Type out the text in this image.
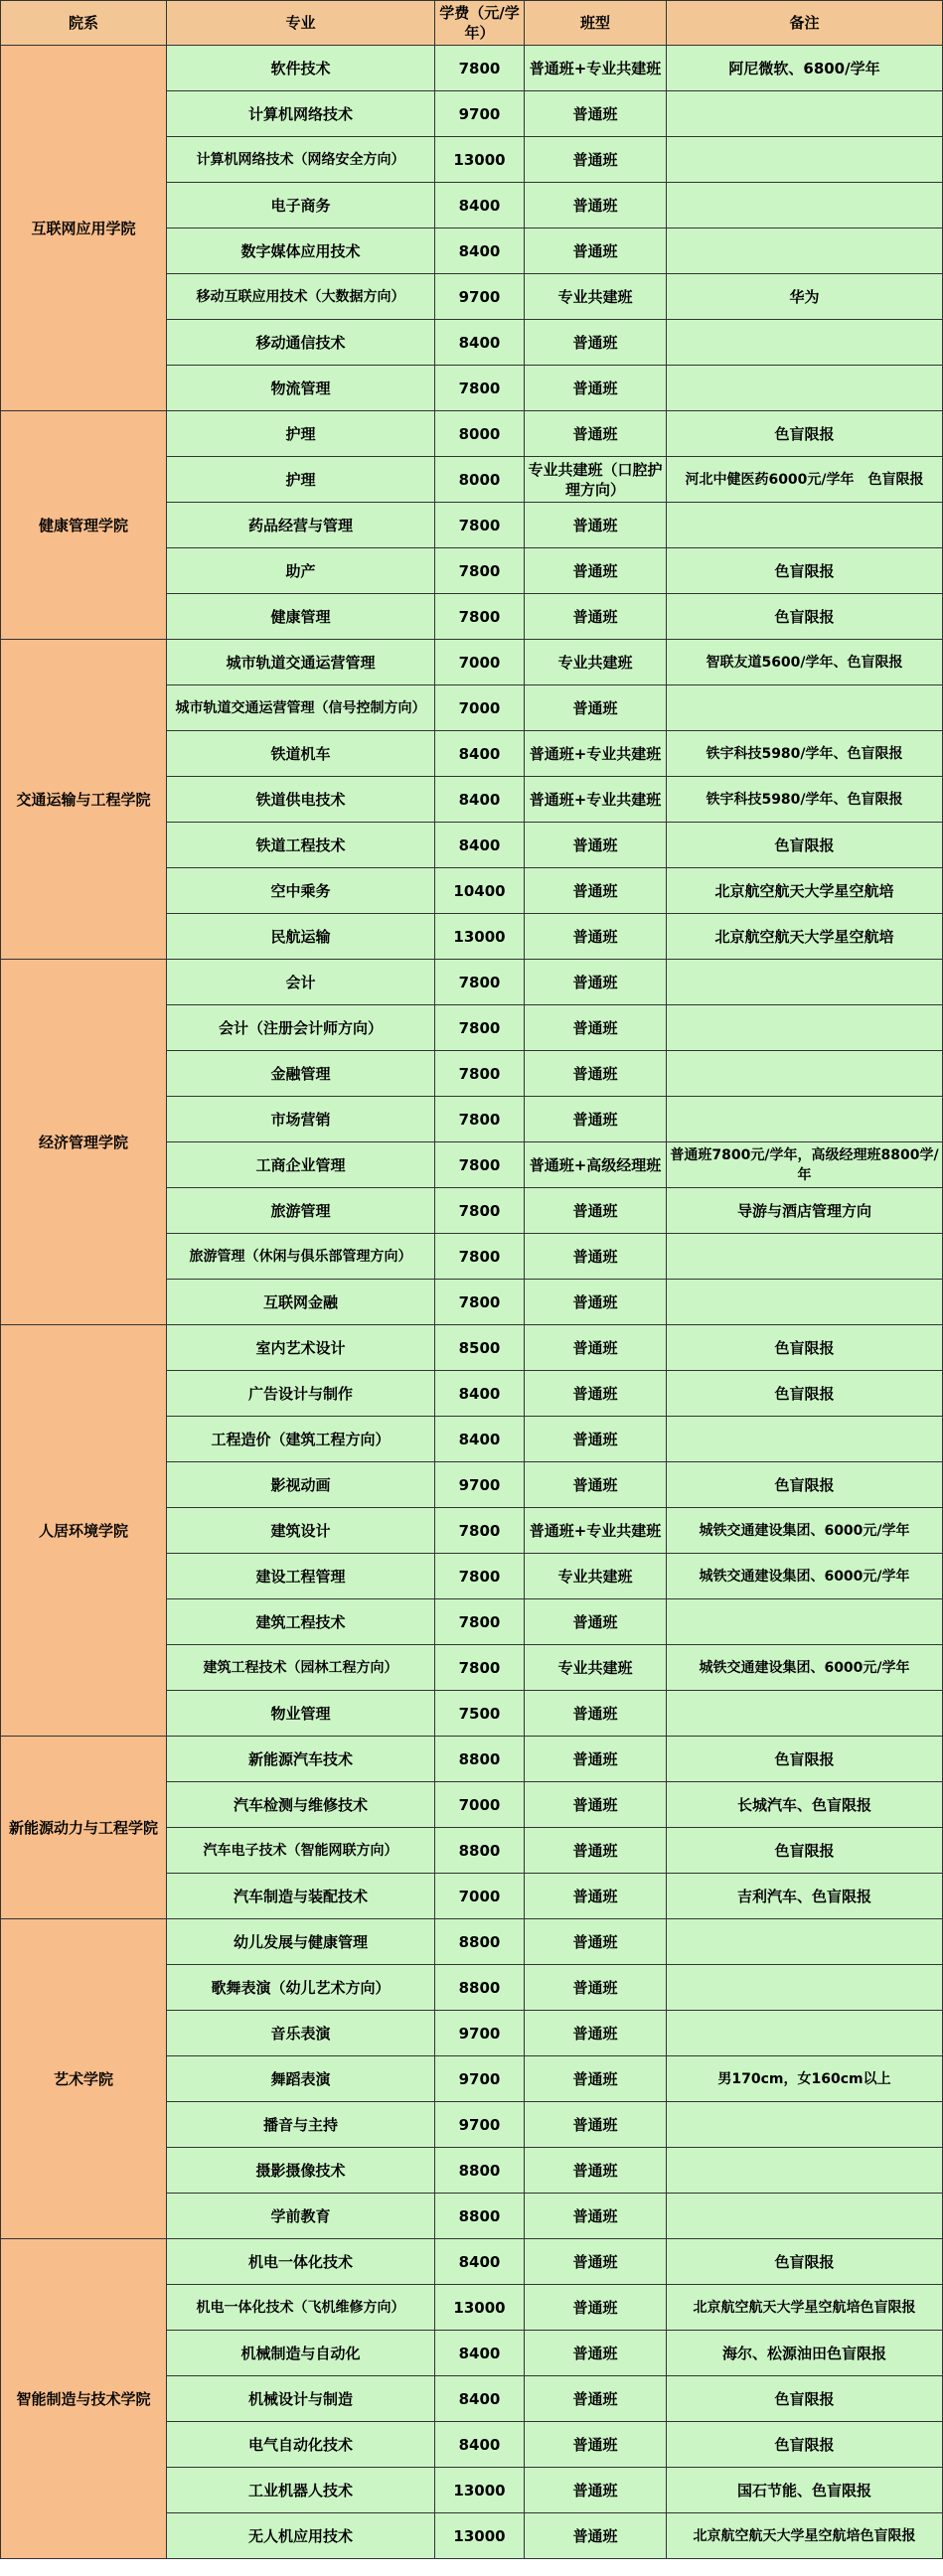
院系	专业	学费（元/学年）	班型	备注
互联网应用学院	软件技术	7800	普通班+专业共建班	阿尼微软、6800/学年
	计算机网络技术	9700	普通班	
	计算机网络技术（网络安全方向）	13000	普通班	
	电子商务	8400	普通班	
	数字媒体应用技术	8400	普通班	
	移动互联应用技术（大数据方向）	9700	专业共建班	华为
	移动通信技术	8400	普通班	
	物流管理	7800	普通班	
健康管理学院	护理	8000	普通班	色盲限报
	护理	8000	专业共建班（口腔护理方向）	河北中健医药6000元/学年　色盲限报
	药品经营与管理	7800	普通班	
	助产	7800	普通班	色盲限报
	健康管理	7800	普通班	色盲限报
交通运输与工程学院	城市轨道交通运营管理	7000	专业共建班	智联友道5600/学年、色盲限报
	城市轨道交通运营管理（信号控制方向）	7000	普通班	
	铁道机车	8400	普通班+专业共建班	铁宇科技5980/学年、色盲限报
	铁道供电技术	8400	普通班+专业共建班	铁宇科技5980/学年、色盲限报
	铁道工程技术	8400	普通班	色盲限报
	空中乘务	10400	普通班	北京航空航天大学星空航培
	民航运输	13000	普通班	北京航空航天大学星空航培
经济管理学院	会计	7800	普通班	
	会计（注册会计师方向）	7800	普通班	
	金融管理	7800	普通班	
	市场营销	7800	普通班	
	工商企业管理	7800	普通班+高级经理班	普通班7800元/学年，高级经理班8800学/年
	旅游管理	7800	普通班	导游与酒店管理方向
	旅游管理（休闲与俱乐部管理方向）	7800	普通班	
	互联网金融	7800	普通班	
人居环境学院	室内艺术设计	8500	普通班	色盲限报
	广告设计与制作	8400	普通班	色盲限报
	工程造价（建筑工程方向）	8400	普通班	
	影视动画	9700	普通班	色盲限报
	建筑设计	7800	普通班+专业共建班	城铁交通建设集团、6000元/学年
	建设工程管理	7800	专业共建班	城铁交通建设集团、6000元/学年
	建筑工程技术	7800	普通班	
	建筑工程技术（园林工程方向）	7800	专业共建班	城铁交通建设集团、6000元/学年
	物业管理	7500	普通班	
新能源动力与工程学院	新能源汽车技术	8800	普通班	色盲限报
	汽车检测与维修技术	7000	普通班	长城汽车、色盲限报
	汽车电子技术（智能网联方向）	8800	普通班	色盲限报
	汽车制造与装配技术	7000	普通班	吉利汽车、色盲限报
艺术学院	幼儿发展与健康管理	8800	普通班	
	歌舞表演（幼儿艺术方向）	8800	普通班	
	音乐表演	9700	普通班	
	舞蹈表演	9700	普通班	男170cm，女160cm以上
	播音与主持	9700	普通班	
	摄影摄像技术	8800	普通班	
	学前教育	8800	普通班	
智能制造与技术学院	机电一体化技术	8400	普通班	色盲限报
	机电一体化技术（飞机维修方向）	13000	普通班	北京航空航天大学星空航培色盲限报
	机械制造与自动化	8400	普通班	海尔、松源油田色盲限报
	机械设计与制造	8400	普通班	色盲限报
	电气自动化技术	8400	普通班	色盲限报
	工业机器人技术	13000	普通班	国石节能、色盲限报
	无人机应用技术	13000	普通班	北京航空航天大学星空航培色盲限报
